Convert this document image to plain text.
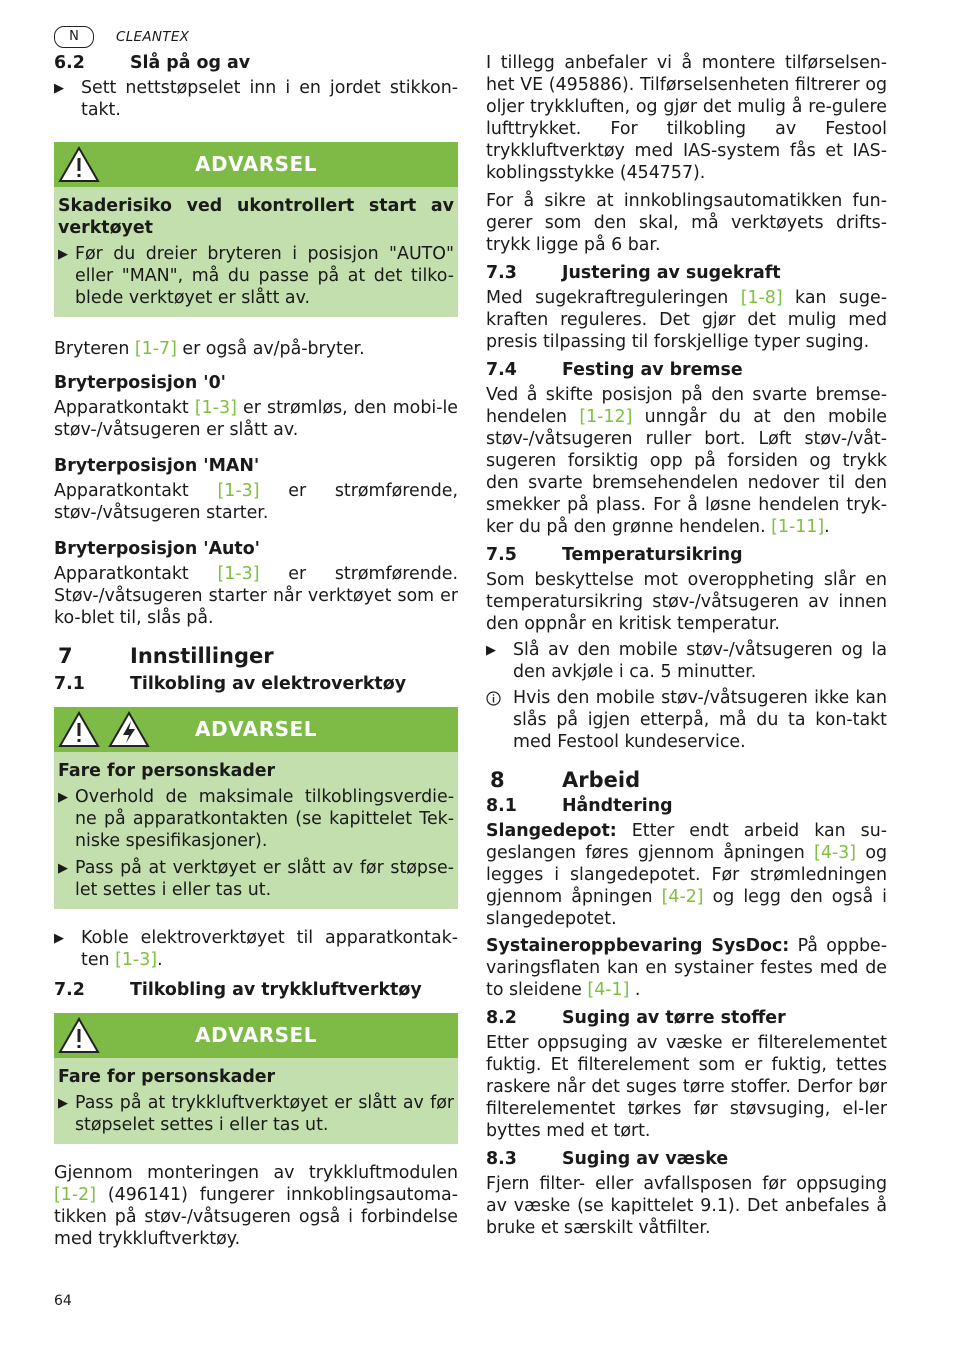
N	CLEANTEX
6.2	Slå på og av
▶ Sett nettstøpselet inn i en jordet stikkon-takt.
ADVARSEL
Skaderisiko ved ukontrollert start av verktøyet
▶ Før du dreier bryteren i posisjon "AUTO" eller "MAN", må du passe på at det tilko-blede verktøyet er slått av.

Bryteren [1-7] er også av/på-bryter.

Bryterposisjon '0'

Apparatkontakt [1-3] er strømløs, den mobi-le støv-/våtsugeren er slått av.

Bryterposisjon 'MAN'

Apparatkontakt [1-3] er strømførende, støv-/våtsugeren starter.

Bryterposisjon 'Auto'

Apparatkontakt [1-3] er strømførende. Støv-/våtsugeren starter når verktøyet som er ko-blet til, slås på.

7	Innstillinger
7.1	Tilkobling av elektroverktøy
ADVARSEL
Fare for personskader
▶ Overhold de maksimale tilkoblingsverdie-ne på apparatkontakten (se kapittelet Tek-niske spesifikasjoner).
▶ Pass på at verktøyet er slått av før støpse-let settes i eller tas ut.
▶ Koble elektroverktøyet til apparatkontak-ten [1-3].
7.2	Tilkobling av trykkluftverktøy
ADVARSEL
Fare for personskader
▶ Pass på at trykkluftverktøyet er slått av før støpselet settes i eller tas ut.

Gjennom monteringen av trykkluftmodulen [1-2] (496141) fungerer innkoblingsautoma-tikken på støv-/våtsugeren også i forbindelse med trykkluftverktøy.

I tillegg anbefaler vi å montere tilførselsen-het VE (495886). Tilførselsenheten filtrerer og oljer trykkluften, og gjør det mulig å re-gulere lufttrykket. For tilkobling av Festool trykkluftverktøy med IAS-system fås et IAS-koblingsstykke (454757).

For å sikre at innkoblingsautomatikken fun-gerer som den skal, må verktøyets drifts-trykk ligge på 6 bar.

7.3	Justering av sugekraft

Med sugekraftreguleringen [1-8] kan suge-kraften reguleres. Det gjør det mulig med presis tilpassing til forskjellige typer suging.

7.4	Festing av bremse

Ved å skifte posisjon på den svarte bremse-hendelen [1-12] unngår du at den mobile støv-/våtsugeren ruller bort. Løft støv-/våt-sugeren forsiktig opp på forsiden og trykk den svarte bremsehendelen nedover til den smekker på plass. For å løsne hendelen tryk-ker du på den grønne hendelen. [1-11].

7.5	Temperatursikring

Som beskyttelse mot overoppheting slår en temperatursikring støv-/våtsugeren av innen den oppnår en kritisk temperatur.

▶ Slå av den mobile støv-/våtsugeren og la den avkjøle i ca. 5 minutter.
Hvis den mobile støv-/våtsugeren ikke kan slås på igjen etterpå, må du ta kon-takt med Festool kundeservice.
8	Arbeid
8.1	Håndtering

Slangedepot: Etter endt arbeid kan su-geslangen føres gjennom åpningen [4-3] og legges i slangedepotet. Før strømledningen gjennom åpningen [4-2] og legg den også i slangedepotet.

Systaineroppbevaring SysDoc: På oppbe-varingsflaten kan en systainer festes med de to sleidene [4-1] .

8.2	Suging av tørre stoffer

Etter oppsuging av væske er filterelementet fuktig. Et filterelement som er fuktig, tettes raskere når det suges tørre stoffer. Derfor bør filterelementet tørkes før støvsuging, el-ler byttes med et tørt.

8.3	Suging av væske

Fjern filter- eller avfallsposen før oppsuging av væske (se kapittelet 9.1). Det anbefales å bruke et særskilt våtfilter.

64
